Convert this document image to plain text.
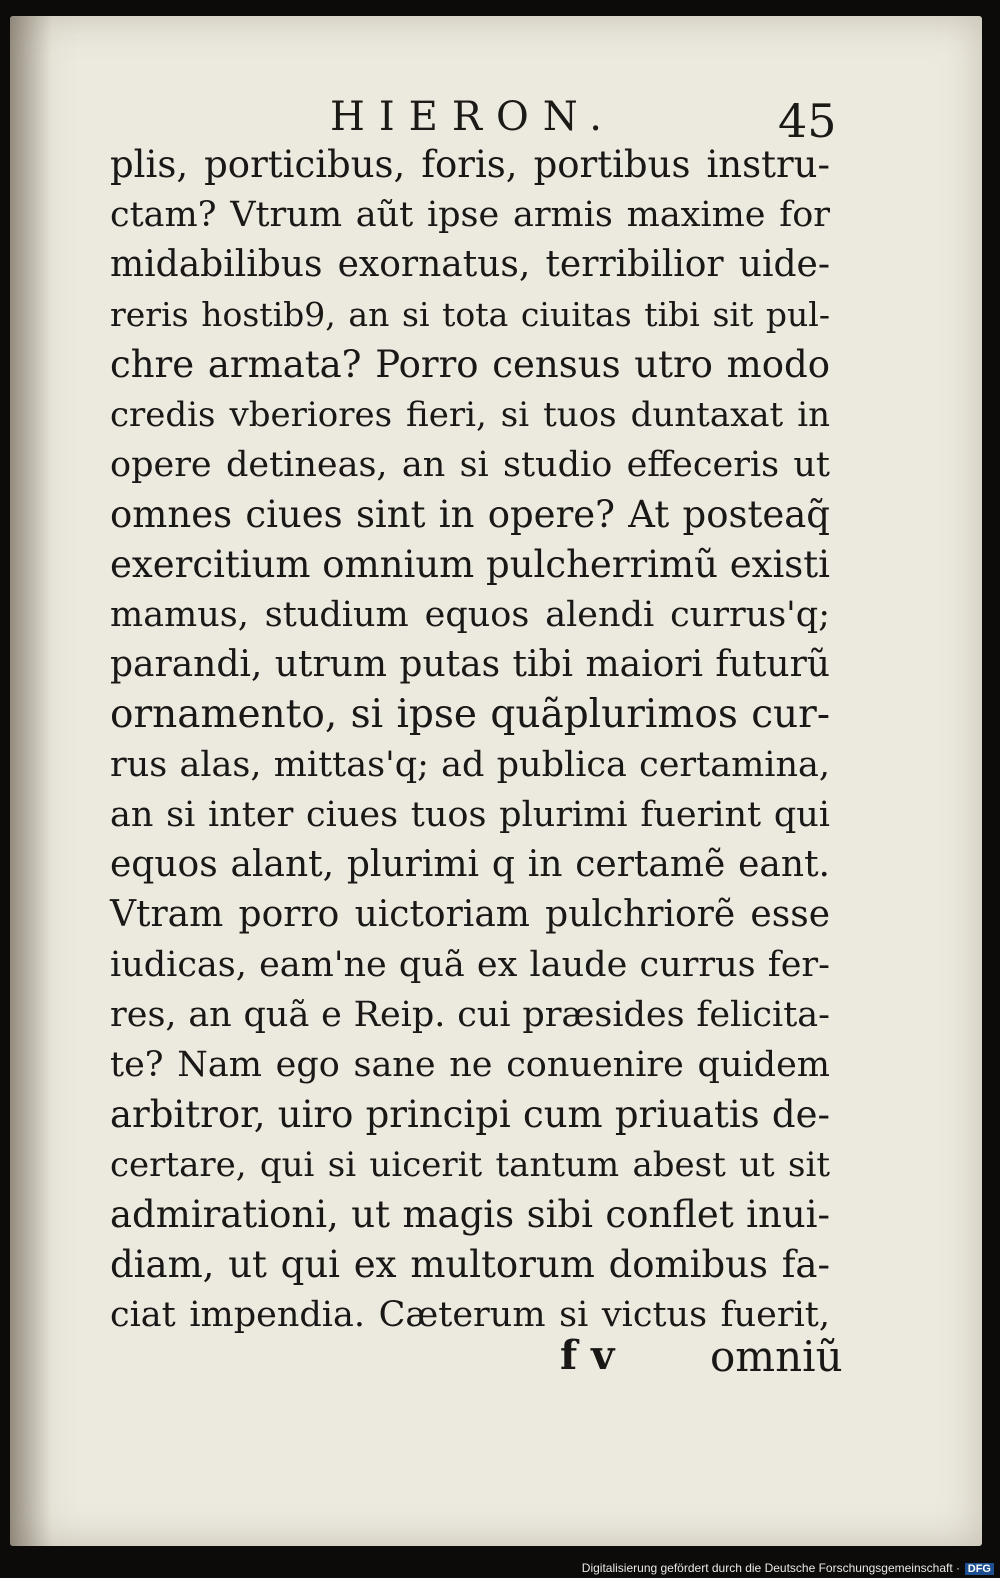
HIERON.	45
plis, porticibus, foris, portibus instru-
ctam? Vtrum aũt ipse armis maxime for
midabilibus exornatus, terribilior uide-
reris hostib9, an si tota ciuitas tibi sit pul-
chre armata? Porro census utro modo
credis vberiores fieri, si tuos duntaxat in
opere detineas, an si studio effeceris ut
omnes ciues sint in opere? At posteaq̃
exercitium omnium pulcherrimũ existi
mamus, studium equos alendi currus'q;
parandi, utrum putas tibi maiori futurũ
ornamento, si ipse quãplurimos cur-
rus alas, mittas'q; ad publica certamina,
an si inter ciues tuos plurimi fuerint qui
equos alant, plurimi q in certamẽ eant.
Vtram porro uictoriam pulchriorẽ esse
iudicas, eam'ne quã ex laude currus fer-
res, an quã e Reip. cui præsides felicita-
te? Nam ego sane ne conuenire quidem
arbitror, uiro principi cum priuatis de-
certare, qui si uicerit tantum abest ut sit
admirationi, ut magis sibi conflet inui-
diam, ut qui ex multorum domibus fa-
ciat impendia. Cæterum si victus fuerit,
f v omniũ
Digitalisierung gefördert durch die Deutsche Forschungsgemeinschaft · DFG
